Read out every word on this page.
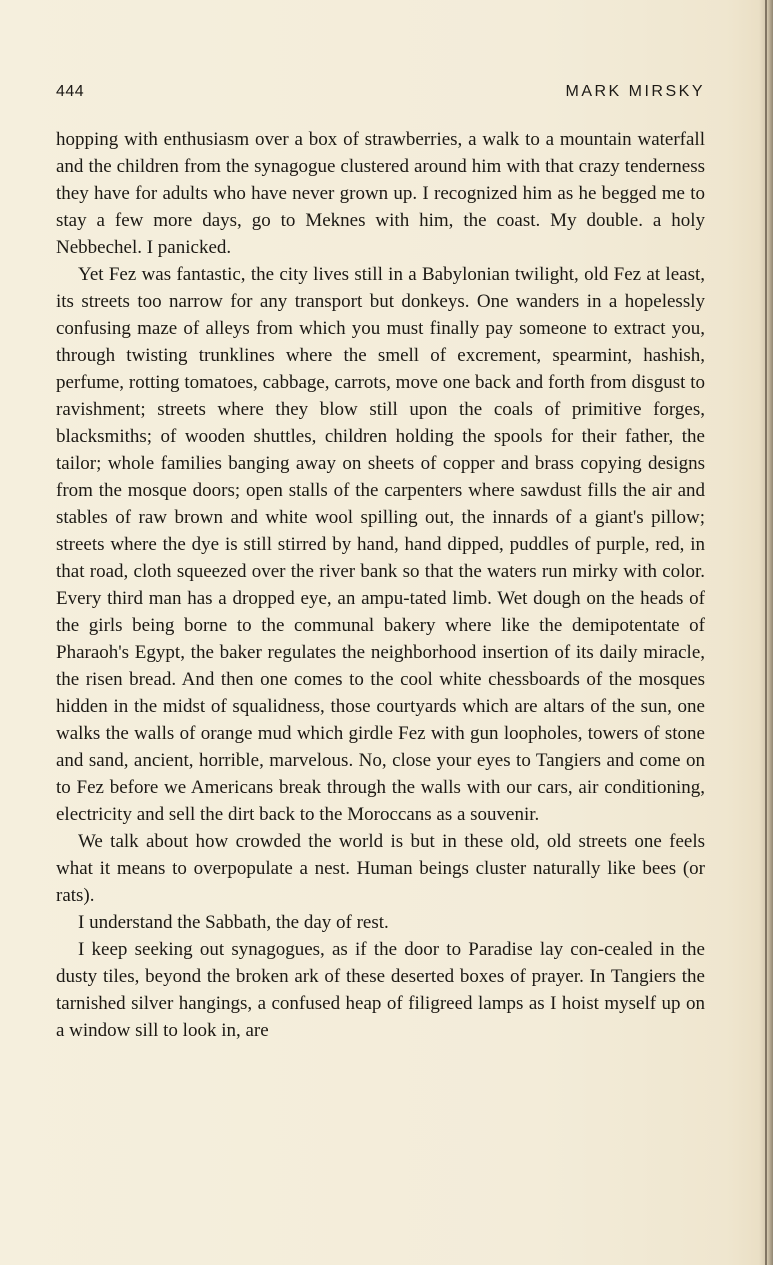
444	MARK MIRSKY

hopping with enthusiasm over a box of strawberries, a walk to a mountain waterfall and the children from the synagogue clustered around him with that crazy tenderness they have for adults who have never grown up. I recognized him as he begged me to stay a few more days, go to Meknes with him, the coast. My double. a holy Nebbechel. I panicked.

Yet Fez was fantastic, the city lives still in a Babylonian twilight, old Fez at least, its streets too narrow for any transport but donkeys. One wanders in a hopelessly confusing maze of alleys from which you must finally pay someone to extract you, through twisting trunklines where the smell of excrement, spearmint, hashish, perfume, rotting tomatoes, cabbage, carrots, move one back and forth from disgust to ravishment; streets where they blow still upon the coals of primitive forges, blacksmiths; of wooden shuttles, children holding the spools for their father, the tailor; whole families banging away on sheets of copper and brass copying designs from the mosque doors; open stalls of the carpenters where sawdust fills the air and stables of raw brown and white wool spilling out, the innards of a giant's pillow; streets where the dye is still stirred by hand, hand dipped, puddles of purple, red, in that road, cloth squeezed over the river bank so that the waters run mirky with color. Every third man has a dropped eye, an ampu-tated limb. Wet dough on the heads of the girls being borne to the communal bakery where like the demipotentate of Pharaoh's Egypt, the baker regulates the neighborhood insertion of its daily miracle, the risen bread. And then one comes to the cool white chessboards of the mosques hidden in the midst of squalidness, those courtyards which are altars of the sun, one walks the walls of orange mud which girdle Fez with gun loopholes, towers of stone and sand, ancient, horrible, marvelous. No, close your eyes to Tangiers and come on to Fez before we Americans break through the walls with our cars, air conditioning, electricity and sell the dirt back to the Moroccans as a souvenir.

We talk about how crowded the world is but in these old, old streets one feels what it means to overpopulate a nest. Human beings cluster naturally like bees (or rats).

I understand the Sabbath, the day of rest.

I keep seeking out synagogues, as if the door to Paradise lay con-cealed in the dusty tiles, beyond the broken ark of these deserted boxes of prayer. In Tangiers the tarnished silver hangings, a confused heap of filigreed lamps as I hoist myself up on a window sill to look in, are
